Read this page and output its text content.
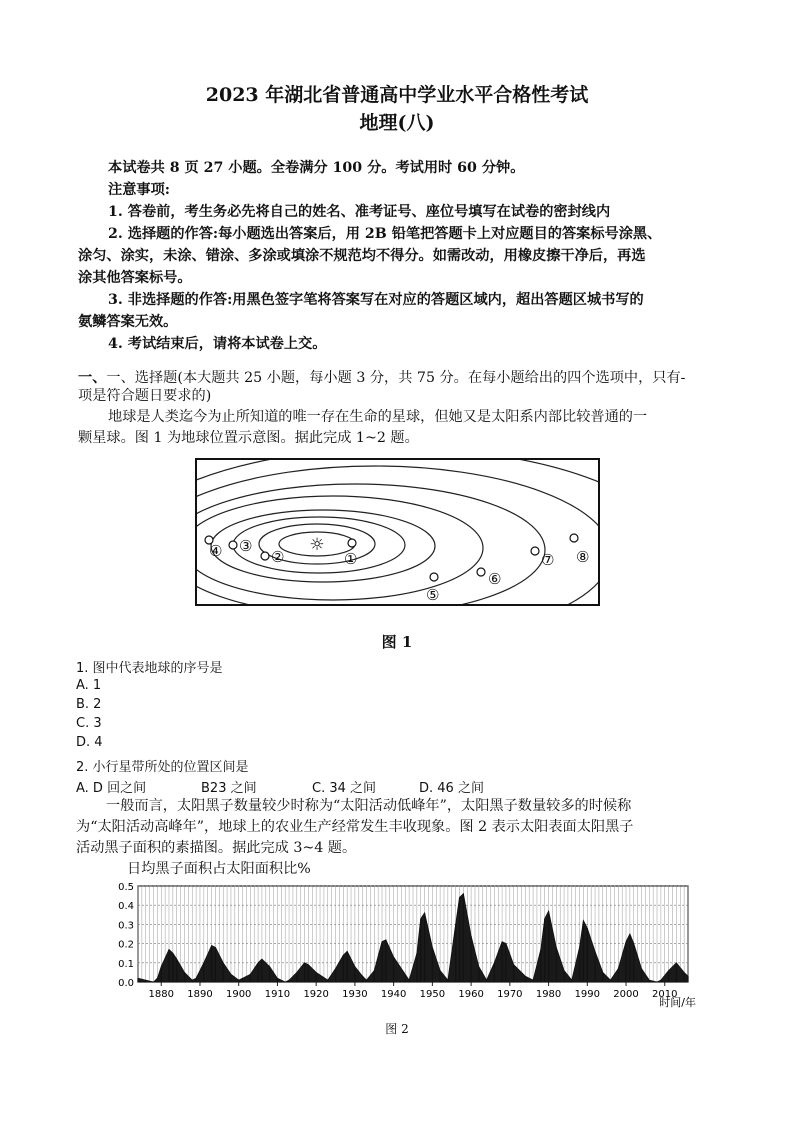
2023 年湖北省普通高中学业水平合格性考试
地理(八)
本试卷共 8 页 27 小题。全卷满分 100 分。考试用时 60 分钟。
注意事项:
1. 答卷前，考生务必先将自己的姓名、准考证号、座位号填写在试卷的密封线内
2. 选择题的作答:每小题选出答案后，用 2B 铅笔把答题卡上对应题目的答案标号涂黑、
涂匀、涂实，未涂、错涂、多涂或填涂不规范均不得分。如需改动，用橡皮擦干净后，再选
涂其他答案标号。
3. 非选择题的作答:用黑色签字笔将答案写在对应的答题区域内，超出答题区城书写的
氨鳞答案无效。
4. 考试结束后，请将本试卷上交。
一、一、选择题(本大题共 25 小题，每小题 3 分，共 75 分。在每小题给出的四个选项中，只有-
项是符合题日要求的)
地球是人类迄今为止所知道的唯一存在生命的星球，但她又是太阳系内部比较普通的一
颗星球。图 1 为地球位置示意图。据此完成 1~2 题。
☼
①
②
③
④
⑤
⑥
⑦ ⑧
图 1
1. 图中代表地球的序号是
A. 1
B. 2
C. 3
D. 4
2. 小行星带所处的位置区间是
A. D 回之间	B23 之间	C. 34 之间	D. 46 之间
一般而言，太阳黑子数量较少时称为“太阳活动低峰年”，太阳黑子数量较多的时候称
为“太阳活动高峰年”，地球上的农业生产经常发生丰收现象。图 2 表示太阳表面太阳黑子
活动黑子面积的素描图。据此完成 3~4 题。
日均黑子面积占太阳面积比%
0.0
0.1
0.2
0.3
0.4
0.5
1880 1890 1900 1910 1920 1930 1940 1950 1960 1970 1980 1990 2000 2010
时间/年
图 2
